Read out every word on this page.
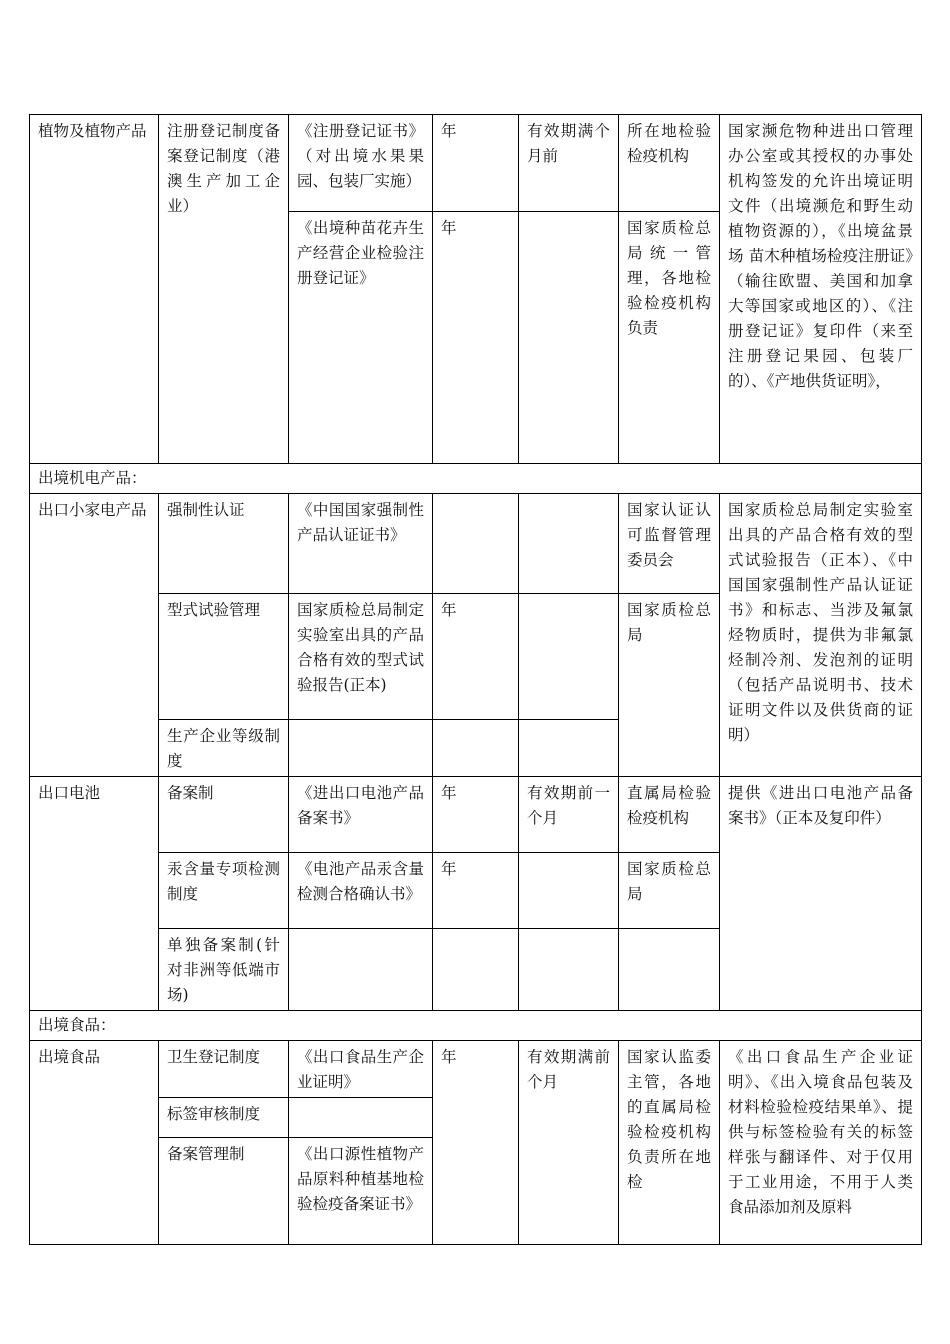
植物及植物产品	注册登记制度备案登记制度（港澳生产加工企业）	《注册登记证书》（对出境水果果园、包装厂实施）	年	有效期满个月前	所在地检验检疫机构	国家濒危物种进出口管理办公室或其授权的办事处机构签发的允许出境证明文件（出境濒危和野生动植物资源的），《出境盆景场 苗木种植场检疫注册证》（输往欧盟、美国和加拿大等国家或地区的）、《注册登记证》复印件（来至注册登记果园、包装厂的）、《产地供货证明》，
		《出境种苗花卉生产经营企业检验注册登记证》	年		国家质检总局统一管理，各地检验检疫机构负责	
出境机电产品：						
出口小家电产品	强制性认证	《中国国家强制性产品认证证书》			国家认证认可监督管理委员会	国家质检总局制定实验室出具的产品合格有效的型式试验报告（正本）、《中国国家强制性产品认证证书》和标志、当涉及氟氯烃物质时，提供为非氟氯烃制冷剂、发泡剂的证明（包括产品说明书、技术证明文件以及供货商的证明）
	型式试验管理	国家质检总局制定实验室出具的产品合格有效的型式试验报告(正本)	年		国家质检总局	
	生产企业等级制度					
出口电池	备案制	《进出口电池产品备案书》	年	有效期前一个月	直属局检验检疫机构	提供《进出口电池产品备案书》（正本及复印件）
	汞含量专项检测制度	《电池产品汞含量检测合格确认书》	年		国家质检总局	
	单独备案制(针对非洲等低端市场)					
出境食品：						
出境食品	卫生登记制度	《出口食品生产企业证明》	年	有效期满前 个月	国家认监委主管，各地的直属局检验检疫机构负责所在地检	《出口食品生产企业证明》、《出入境食品包装及材料检验检疫结果单》、提供与标签检验有关的标签样张与翻译件、对于仅用于工业用途，不用于人类食品添加剂及原料
	标签审核制度					
	备案管理制	《出口源性植物产品原料种植基地检验检疫备案证书》				
